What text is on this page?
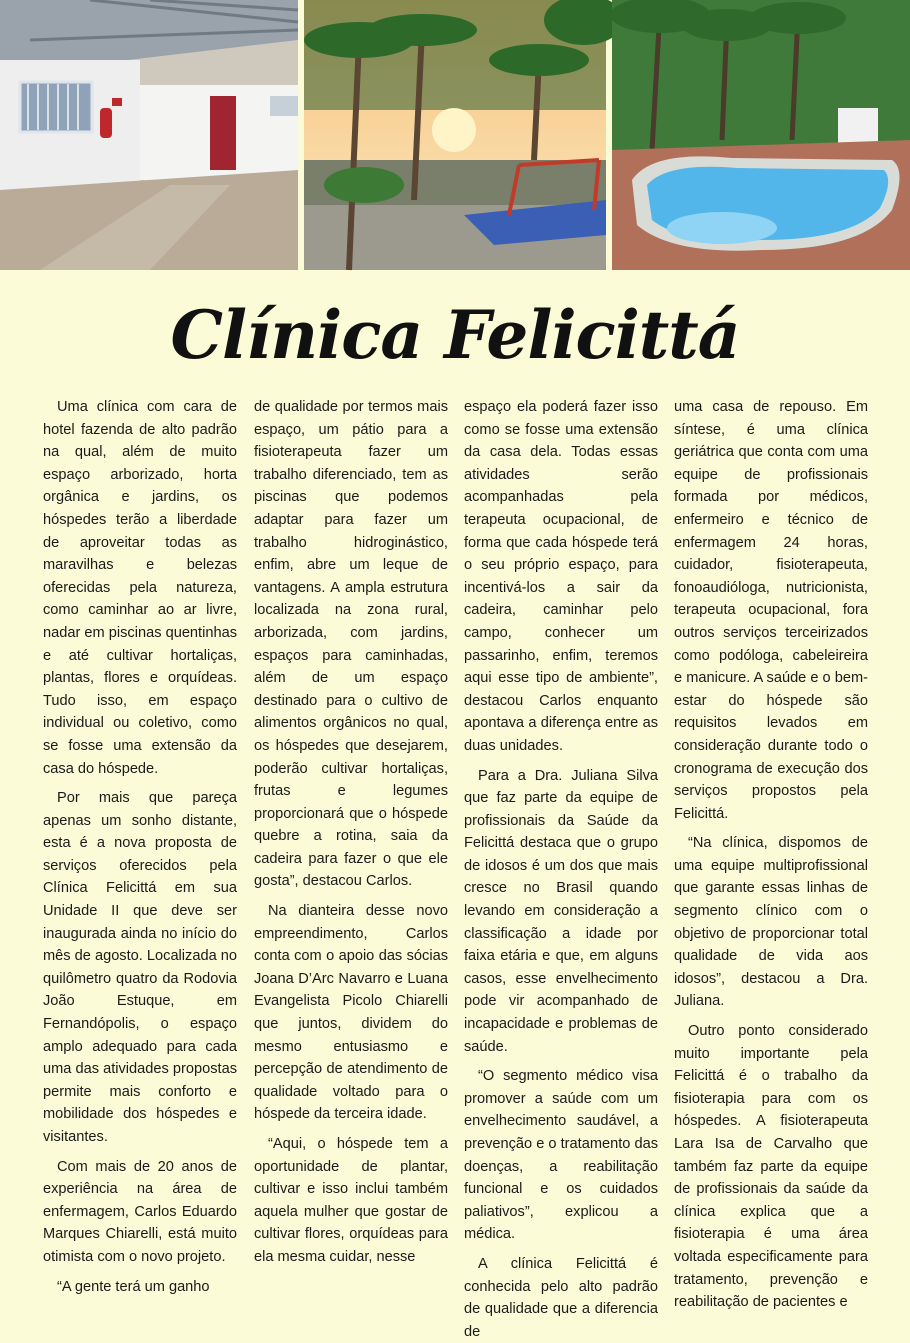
Clínica Felicittá

Uma clínica com cara de hotel fazenda de alto padrão na qual, além de muito espaço arborizado, horta orgânica e jardins, os hóspedes terão a liberdade de aproveitar todas as maravilhas e belezas oferecidas pela natureza, como caminhar ao ar livre, nadar em piscinas quentinhas e até cultivar hortaliças, plantas, flores e orquídeas. Tudo isso, em espaço individual ou coletivo, como se fosse uma extensão da casa do hóspede.

Por mais que pareça apenas um sonho distante, esta é a nova proposta de serviços oferecidos pela Clínica Felicittá em sua Unidade II que deve ser inaugurada ainda no início do mês de agosto. Localizada no quilômetro quatro da Rodovia João Estuque, em Fernandópolis, o espaço amplo adequado para cada uma das atividades propostas permite mais conforto e mobilidade dos hóspedes e visitantes.

Com mais de 20 anos de experiência na área de enfermagem, Carlos Eduardo Marques Chiarelli, está muito otimista com o novo projeto.

“A gente terá um ganho

de qualidade por termos mais espaço, um pátio para a fisioterapeuta fazer um trabalho diferenciado, tem as piscinas que podemos adaptar para fazer um trabalho hidroginástico, enfim, abre um leque de vantagens. A ampla estrutura localizada na zona rural, arborizada, com jardins, espaços para caminhadas, além de um espaço destinado para o cultivo de alimentos orgânicos no qual, os hóspedes que desejarem, poderão cultivar hortaliças, frutas e legumes proporcionará que o hóspede quebre a rotina, saia da cadeira para fazer o que ele gosta”, destacou Carlos.

Na dianteira desse novo empreendimento, Carlos conta com o apoio das sócias Joana D’Arc Navarro e Luana Evangelista Picolo Chiarelli que juntos, dividem do mesmo entusiasmo e percepção de atendimento de qualidade voltado para o hóspede da terceira idade.

“Aqui, o hóspede tem a oportunidade de plantar, cultivar e isso inclui também aquela mulher que gostar de cultivar flores, orquídeas para ela mesma cuidar, nesse

espaço ela poderá fazer isso como se fosse uma extensão da casa dela. Todas essas atividades serão acompanhadas pela terapeuta ocupacional, de forma que cada hóspede terá o seu próprio espaço, para incentivá-los a sair da cadeira, caminhar pelo campo, conhecer um passarinho, enfim, teremos aqui esse tipo de ambiente”, destacou Carlos enquanto apontava a diferença entre as duas unidades.

Para a Dra. Juliana Silva que faz parte da equipe de profissionais da Saúde da Felicittá destaca que o grupo de idosos é um dos que mais cresce no Brasil quando levando em consideração a classificação a idade por faixa etária e que, em alguns casos, esse envelhecimento pode vir acompanhado de incapacidade e problemas de saúde.

“O segmento médico visa promover a saúde com um envelhecimento saudável, a prevenção e o tratamento das doenças, a reabilitação funcional e os cuidados paliativos”, explicou a médica.

A clínica Felicittá é conhecida pelo alto padrão de qualidade que a diferencia de

uma casa de repouso. Em síntese, é uma clínica geriátrica que conta com uma equipe de profissionais formada por médicos, enfermeiro e técnico de enfermagem 24 horas, cuidador, fisioterapeuta, fonoaudióloga, nutricionista, terapeuta ocupacional, fora outros serviços terceirizados como podóloga, cabeleireira e manicure. A saúde e o bem-estar do hóspede são requisitos levados em consideração durante todo o cronograma de execução dos serviços propostos pela Felicittá.

“Na clínica, dispomos de uma equipe multiprofissional que garante essas linhas de segmento clínico com o objetivo de proporcionar total qualidade de vida aos idosos”, destacou a Dra. Juliana.

Outro ponto considerado muito importante pela Felicittá é o trabalho da fisioterapia para com os hóspedes. A fisioterapeuta Lara Isa de Carvalho que também faz parte da equipe de profissionais da saúde da clínica explica que a fisioterapia é uma área voltada especificamente para tratamento, prevenção e reabilitação de pacientes e
